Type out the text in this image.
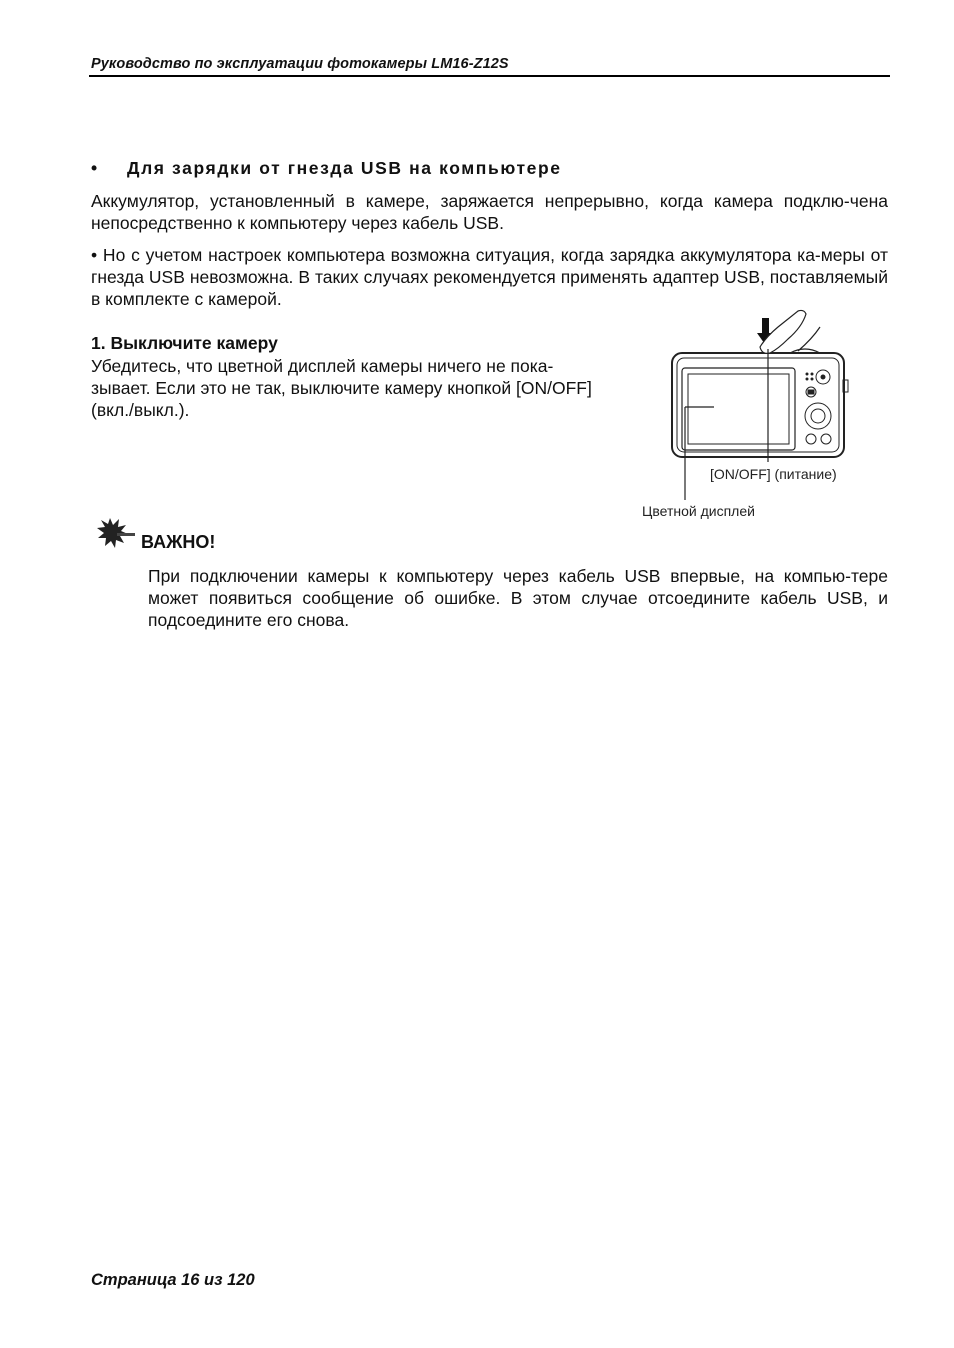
Руководство по эксплуатации фотокамеры LM16-Z12S
• Для зарядки от гнезда USB на компьютере
Аккумулятор, установленный в камере, заряжается непрерывно, когда камера подклю-чена непосредственно к компьютеру через кабель USB.
• Но с учетом настроек компьютера возможна ситуация, когда зарядка аккумулятора ка-меры от гнезда USB невозможна. В таких случаях рекомендуется применять адаптер USB, поставляемый в комплекте с камерой.
1. Выключите камеру
Убедитесь, что цветной дисплей камеры ничего не пока-зывает. Если это не так, выключите камеру кнопкой [ON/OFF] (вкл./выкл.).
[ON/OFF] (питание)
Цветной дисплей
ВАЖНО!
При подключении камеры к компьютеру через кабель USB впервые, на компью-тере может появиться сообщение об ошибке. В этом случае отсоедините кабель USB, и подсоедините его снова.
Страница 16 из 120
